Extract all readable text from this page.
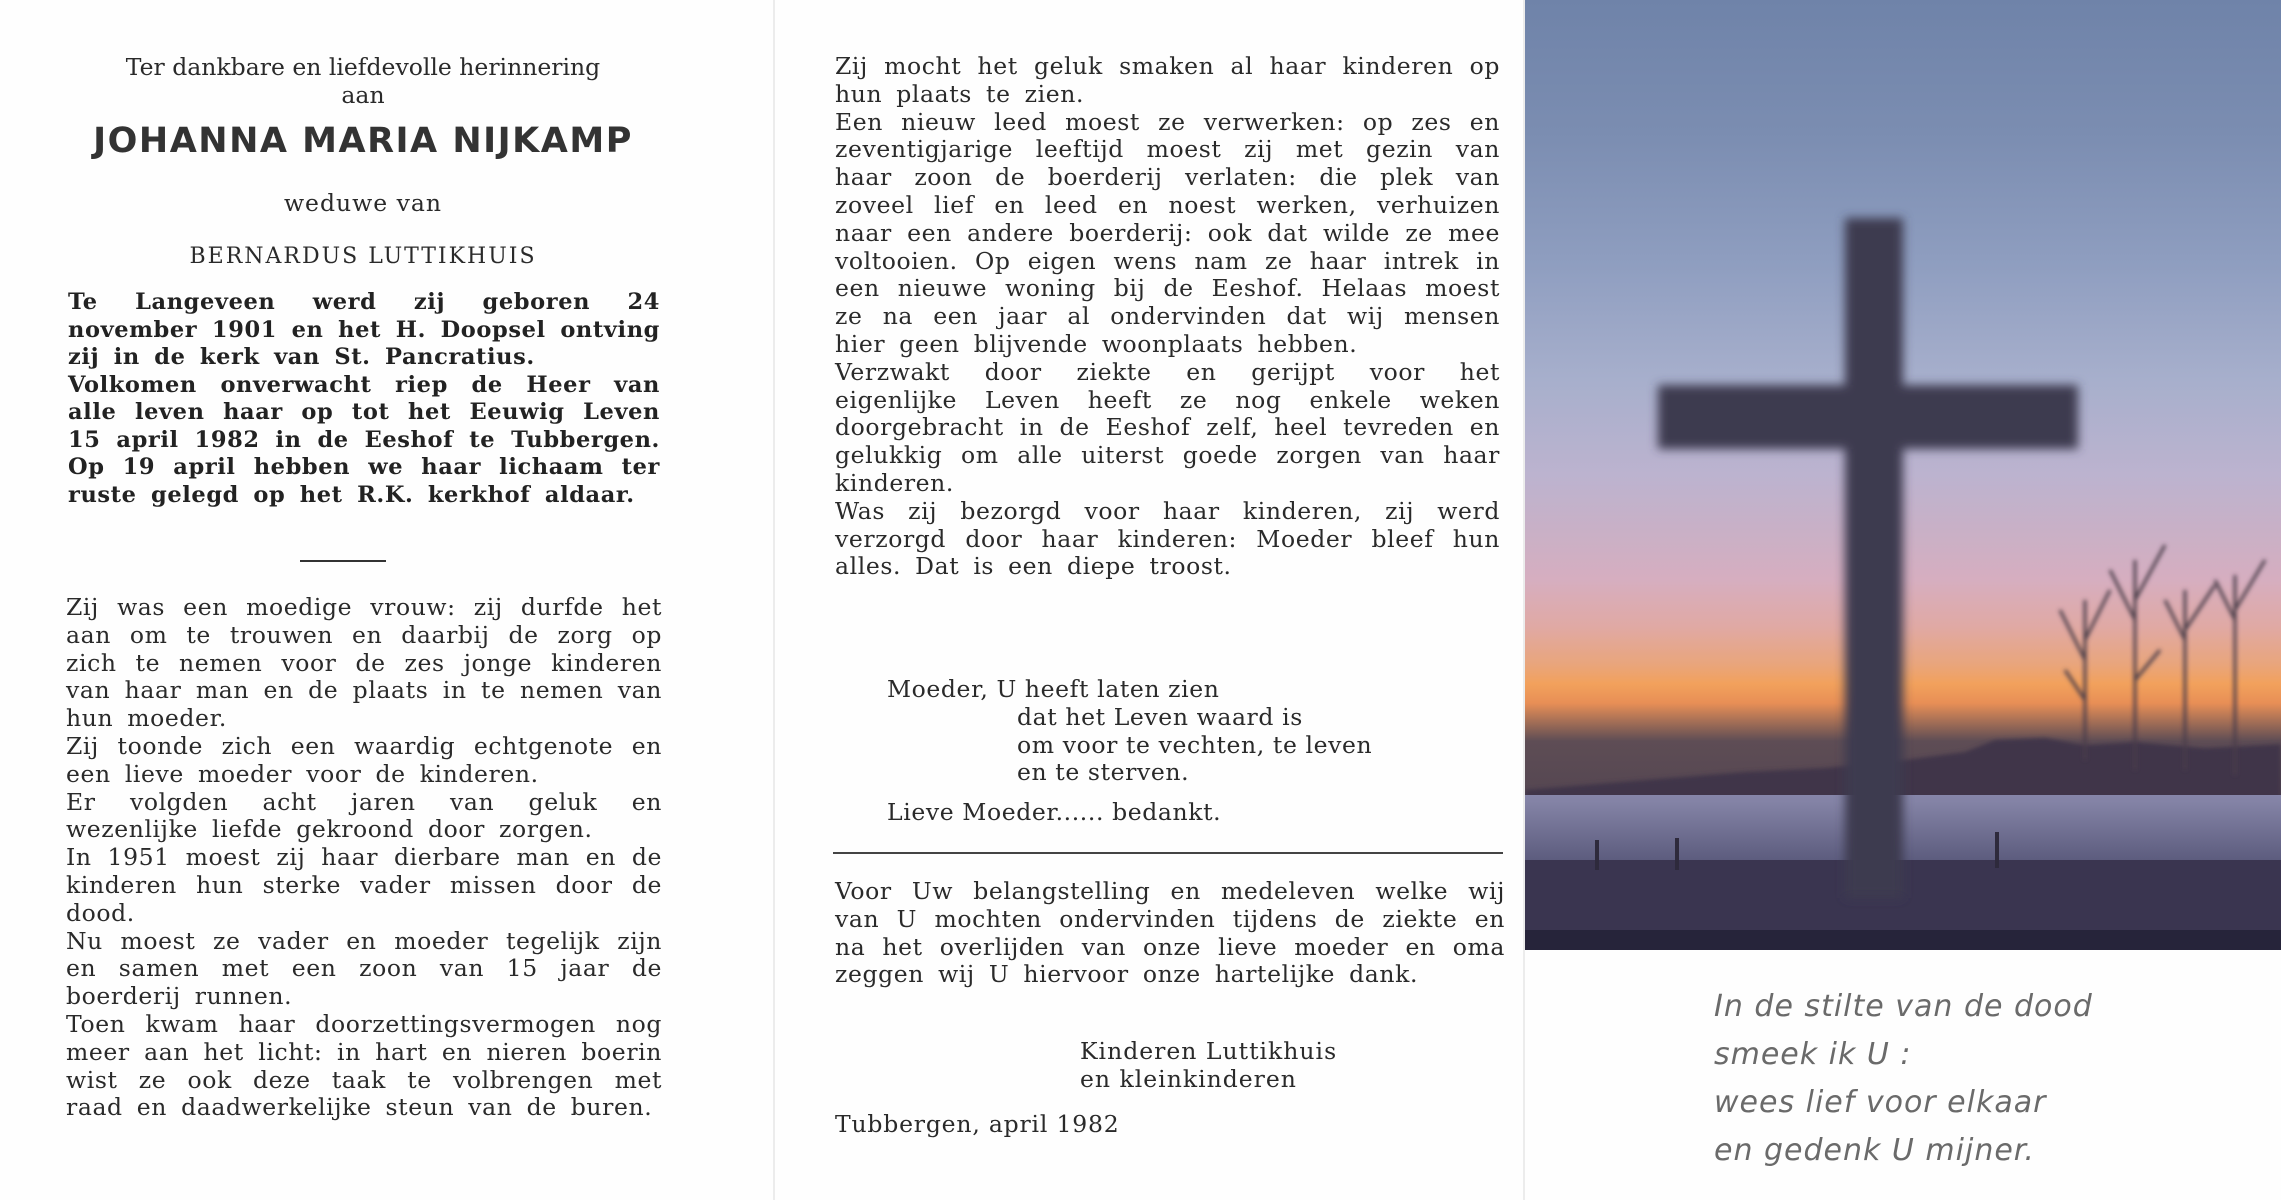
Ter dankbare en liefdevolle herinnering
aan
JOHANNA MARIA NIJKAMP
weduwe van
BERNARDUS LUTTIKHUIS

Te Langeveen werd zij geboren 24 november 1901 en het H. Doopsel ontving zij in de kerk van St. Pancratius.

Volkomen onverwacht riep de Heer van alle leven haar op tot het Eeuwig Leven 15 april 1982 in de Eeshof te Tubbergen. Op 19 april hebben we haar lichaam ter ruste gelegd op het R.K. kerkhof aldaar.

Zij was een moedige vrouw: zij durfde het aan om te trouwen en daarbij de zorg op zich te nemen voor de zes jonge kinderen van haar man en de plaats in te nemen van hun moeder.

Zij toonde zich een waardig echtgenote en een lieve moeder voor de kinderen.

Er volgden acht jaren van geluk en wezenlijke liefde gekroond door zorgen.

In 1951 moest zij haar dierbare man en de kinderen hun sterke vader missen door de dood.

Nu moest ze vader en moeder tegelijk zijn en samen met een zoon van 15 jaar de boerderij runnen.

Toen kwam haar doorzettingsvermogen nog meer aan het licht: in hart en nieren boerin wist ze ook deze taak te volbrengen met raad en daadwerkelijke steun van de buren.

Zij mocht het geluk smaken al haar kinderen op hun plaats te zien.

Een nieuw leed moest ze verwerken: op zes en zeventigjarige leeftijd moest zij met gezin van haar zoon de boerderij verlaten: die plek van zoveel lief en leed en noest werken, verhuizen naar een andere boerderij: ook dat wilde ze mee voltooien. Op eigen wens nam ze haar intrek in een nieuwe woning bij de Eeshof. Helaas moest ze na een jaar al ondervinden dat wij mensen hier geen blijvende woonplaats hebben.

Verzwakt door ziekte en gerijpt voor het eigenlijke Leven heeft ze nog enkele weken doorgebracht in de Eeshof zelf, heel tevreden en gelukkig om alle uiterst goede zorgen van haar kinderen.

Was zij bezorgd voor haar kinderen, zij werd verzorgd door haar kinderen: Moeder bleef hun alles. Dat is een diepe troost.

Moeder, U heeft laten zien
dat het Leven waard is
om voor te vechten, te leven
en te sterven.
Lieve Moeder...... bedankt.

Voor Uw belangstelling en medeleven welke wij van U mochten ondervinden tijdens de ziekte en na het overlijden van onze lieve moeder en oma zeggen wij U hiervoor onze hartelijke dank.

Kinderen Luttikhuis
en kleinkinderen
Tubbergen, april 1982
In de stilte van de dood
smeek ik U :
wees lief voor elkaar
en gedenk U mijner.
